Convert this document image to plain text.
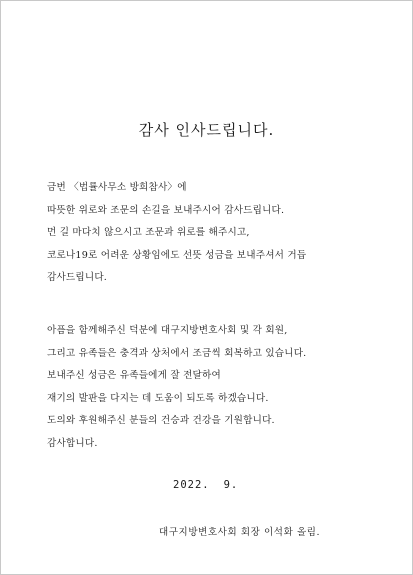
감사 인사드립니다.
금번 〈법률사무소 방희참사〉에
따뜻한 위로와 조문의 손길을 보내주시어 감사드립니다.
먼 길 마다치 않으시고 조문과 위로를 해주시고,
코로나19로 어려운 상황임에도 선뜻 성금을 보내주셔서 거듭
감사드립니다.
아픔을 함께해주신 덕분에 대구지방변호사회 및 각 회원,
그리고 유족들은 충격과 상처에서 조금씩 회복하고 있습니다.
보내주신 성금은 유족들에게 잘 전달하여
재기의 발판을 다지는 데 도움이 되도록 하겠습니다.
도의와 후원해주신 분들의 건승과 건강을 기원합니다.
감사합니다.
2022. 9.
대구지방변호사회 회장 이석화 올림.
